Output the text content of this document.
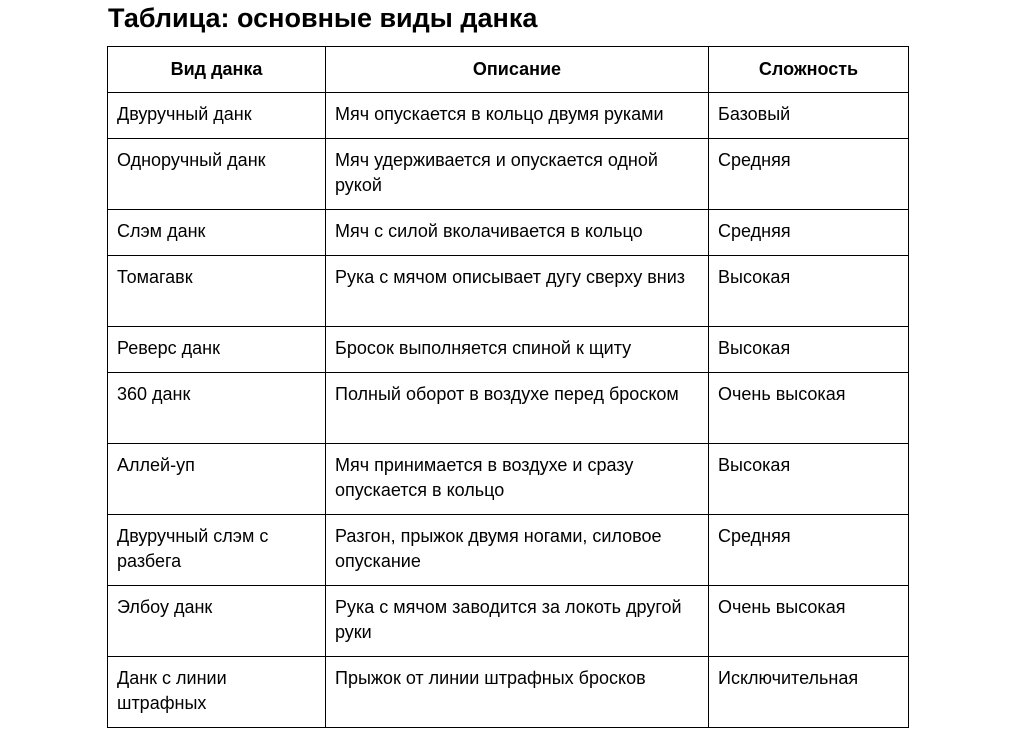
Таблица: основные виды данка
Вид данка	Описание	Сложность
Двуручный данк	Мяч опускается в кольцо двумя руками	Базовый
Одноручный данк	Мяч удерживается и опускается одной рукой	Средняя
Слэм данк	Мяч с силой вколачивается в кольцо	Средняя
Томагавк	Рука с мячом описывает дугу сверху вниз	Высокая
Реверс данк	Бросок выполняется спиной к щиту	Высокая
360 данк	Полный оборот в воздухе перед броском	Очень высокая
Аллей-уп	Мяч принимается в воздухе и сразу опускается в кольцо	Высокая
Двуручный слэм с разбега	Разгон, прыжок двумя ногами, силовое опускание	Средняя
Элбоу данк	Рука с мячом заводится за локоть другой руки	Очень высокая
Данк с линии штрафных	Прыжок от линии штрафных бросков	Исключительная
